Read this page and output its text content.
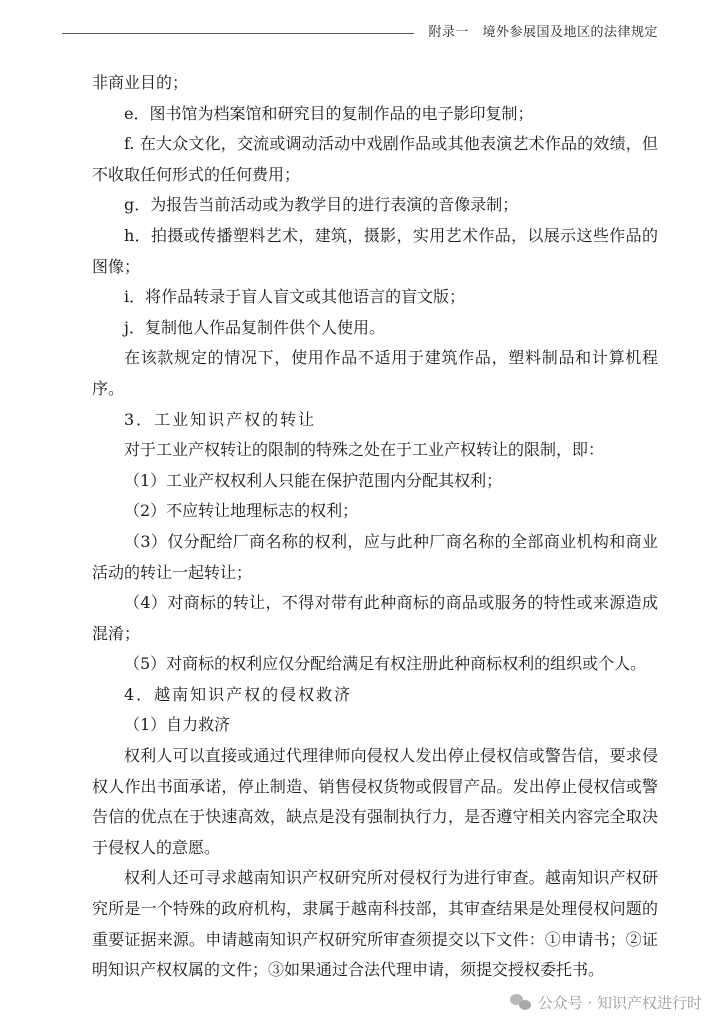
附录一　境外参展国及地区的法律规定

非商业目的；

e．图书馆为档案馆和研究目的复制作品的电子影印复制；

f. 在大众文化，交流或调动活动中戏剧作品或其他表演艺术作品的效绩，但不收取任何形式的任何费用；

g．为报告当前活动或为教学目的进行表演的音像录制；

h．拍摄或传播塑料艺术，建筑，摄影，实用艺术作品，以展示这些作品的图像；

i．将作品转录于盲人盲文或其他语言的盲文版；

j．复制他人作品复制件供个人使用。

在该款规定的情况下，使用作品不适用于建筑作品，塑料制品和计算机程序。

3．工业知识产权的转让

对于工业产权转让的限制的特殊之处在于工业产权转让的限制，即：

（1）工业产权权利人只能在保护范围内分配其权利；

（2）不应转让地理标志的权利；

（3）仅分配给厂商名称的权利，应与此种厂商名称的全部商业机构和商业活动的转让一起转让；

（4）对商标的转让，不得对带有此种商标的商品或服务的特性或来源造成混淆；

（5）对商标的权利应仅分配给满足有权注册此种商标权利的组织或个人。

4．越南知识产权的侵权救济

（1）自力救济

权利人可以直接或通过代理律师向侵权人发出停止侵权信或警告信，要求侵权人作出书面承诺，停止制造、销售侵权货物或假冒产品。发出停止侵权信或警告信的优点在于快速高效，缺点是没有强制执行力，是否遵守相关内容完全取决于侵权人的意愿。

权利人还可寻求越南知识产权研究所对侵权行为进行审查。越南知识产权研究所是一个特殊的政府机构，隶属于越南科技部，其审查结果是处理侵权问题的重要证据来源。申请越南知识产权研究所审查须提交以下文件：①申请书；②证明知识产权权属的文件；③如果通过合法代理申请，须提交授权委托书。

公众号 · 知识产权进行时
